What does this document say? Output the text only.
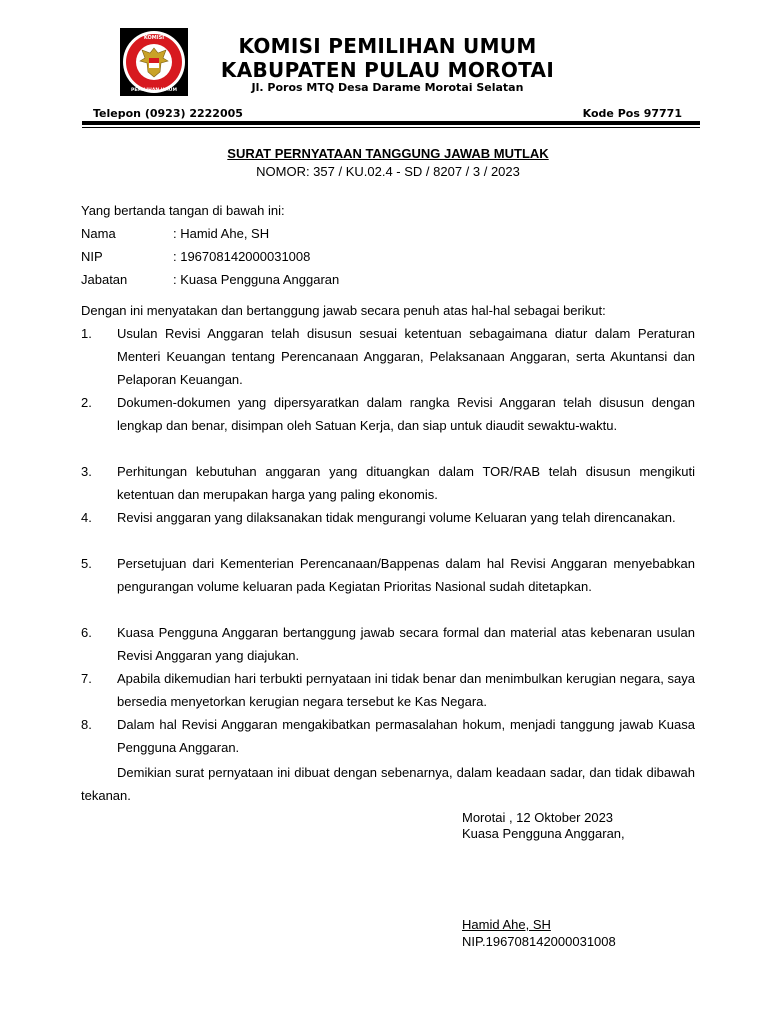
KOMISI
PEMILIHAN UMUM
KOMISI PEMILIHAN UMUM
KABUPATEN PULAU MOROTAI
Jl. Poros MTQ Desa Darame Morotai Selatan
Telepon (0923) 2222005	Kode Pos 97771
SURAT PERNYATAAN TANGGUNG JAWAB MUTLAK
NOMOR: 357 / KU.02.4 - SD / 8207 / 3 / 2023
Yang bertanda tangan di bawah ini:
Nama	: Hamid Ahe, SH
NIP	: 196708142000031008
Jabatan	: Kuasa Pengguna Anggaran
Dengan ini menyatakan dan bertanggung jawab secara penuh atas hal-hal sebagai berikut:
1. Usulan Revisi Anggaran telah disusun sesuai ketentuan sebagaimana diatur dalam Peraturan Menteri Keuangan tentang Perencanaan Anggaran, Pelaksanaan Anggaran, serta Akuntansi dan Pelaporan Keuangan.
2. Dokumen-dokumen yang dipersyaratkan dalam rangka Revisi Anggaran telah disusun dengan lengkap dan benar, disimpan oleh Satuan Kerja, dan siap untuk diaudit sewaktu-waktu.
3. Perhitungan kebutuhan anggaran yang dituangkan dalam TOR/RAB telah disusun mengikuti ketentuan dan merupakan harga yang paling ekonomis.
4. Revisi anggaran yang dilaksanakan tidak mengurangi volume Keluaran yang telah direncanakan.
5. Persetujuan dari Kementerian Perencanaan/Bappenas dalam hal Revisi Anggaran menyebabkan pengurangan volume keluaran pada Kegiatan Prioritas Nasional sudah ditetapkan.
6. Kuasa Pengguna Anggaran bertanggung jawab secara formal dan material atas kebenaran usulan Revisi Anggaran yang diajukan.
7. Apabila dikemudian hari terbukti pernyataan ini tidak benar dan menimbulkan kerugian negara, saya bersedia menyetorkan kerugian negara tersebut ke Kas Negara.
8. Dalam hal Revisi Anggaran mengakibatkan permasalahan hokum, menjadi tanggung jawab Kuasa Pengguna Anggaran.
Demikian surat pernyataan ini dibuat dengan sebenarnya, dalam keadaan sadar, dan tidak dibawah tekanan.
Morotai , 12 Oktober 2023
Kuasa Pengguna Anggaran,
Hamid Ahe, SH
NIP.196708142000031008
